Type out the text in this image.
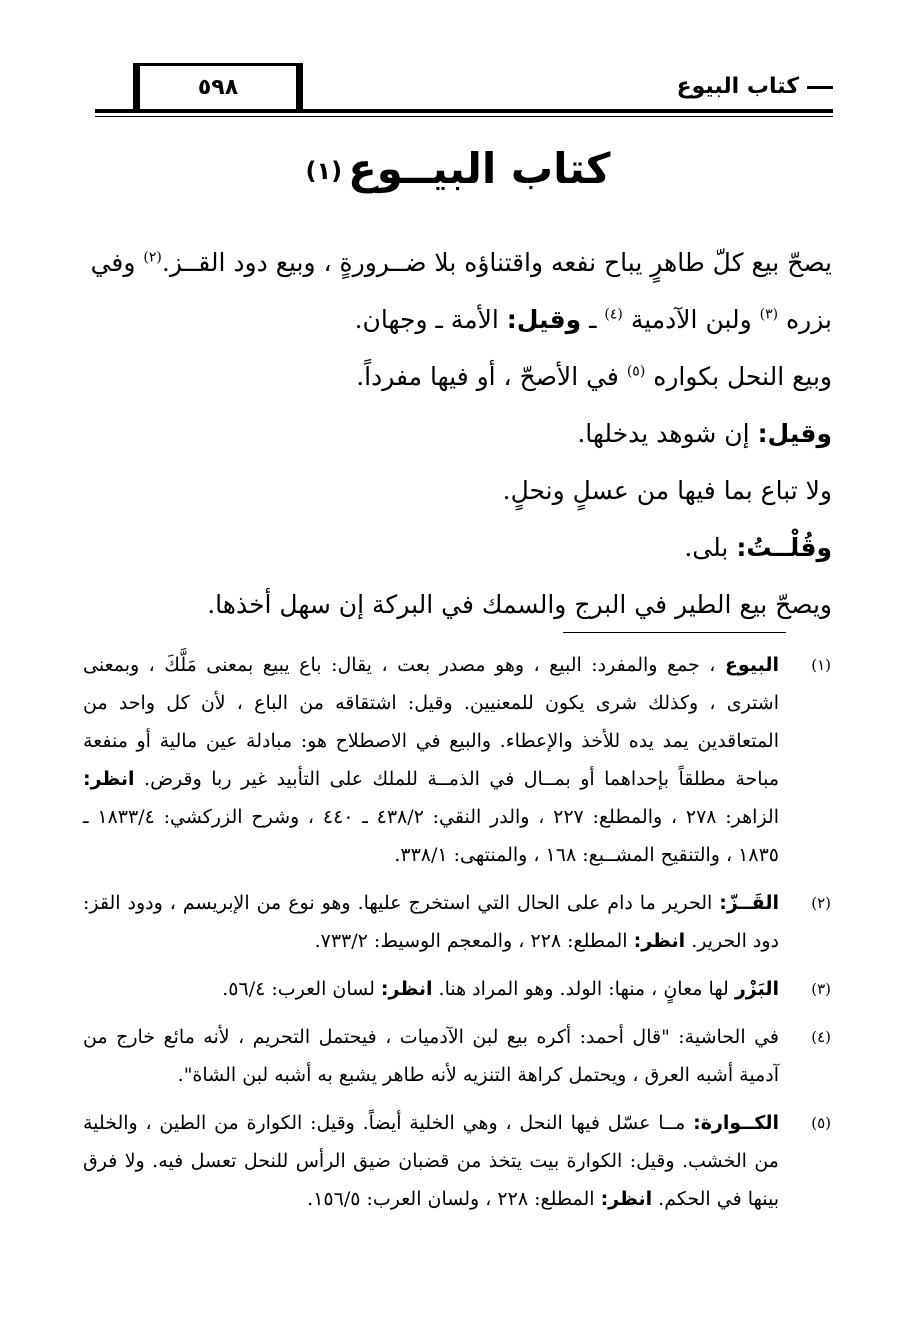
٥٩٨	كتاب البيوع
كتاب البيــوع$^{(١)}$

يصحّ بيع كلّ طاهرٍ يباح نفعه واقتناؤه بلا ضــرورةٍ ، وبيع دود القــز.$^{(٢)}$ وفي

بزره $^{(٣)}$ ولبن الآدمية $^{(٤)}$ ـ وقيل: الأمة ـ وجهان.

وبيع النحل بكواره $^{(٥)}$ في الأصحّ ، أو فيها مفرداً.

وقيل: إن شوهد يدخلها.

ولا تباع بما فيها من عسلٍ ونحلٍ.

وقُلْــتُ: بلى.

ويصحّ بيع الطير في البرج والسمك في البركة إن سهل أخذها.

(١)
البيوع ، جمع والمفرد: البيع ، وهو مصدر بعت ، يقال: باع يبيع بمعنى مَلَّكَ ، وبمعنى اشترى ، وكذلك شرى يكون للمعنيين. وقيل: اشتقاقه من الباع ، لأن كل واحد من المتعاقدين يمد يده للأخذ والإعطاء. والبيع في الاصطلاح هو: مبادلة عين مالية أو منفعة مباحة مطلقاً بإحداهما أو بمــال في الذمــة للملك على التأبيد غير ربا وقرض. انظر: الزاهر: ٢٧٨ ، والمطلع: ٢٢٧ ، والدر النقي: ٤٣٨/٢ ـ ٤٤٠ ، وشرح الزركشي: ١٨٣٣/٤ ـ ١٨٣٥ ، والتنقيح المشــبع: ١٦٨ ، والمنتهى: ٣٣٨/١.
(٢)
القَــزّ: الحرير ما دام على الحال التي استخرج عليها. وهو نوع من الإبريسم ، ودود القز: دود الحرير. انظر: المطلع: ٢٢٨ ، والمعجم الوسيط: ٧٣٣/٢.
(٣)
البَزْر لها معانٍ ، منها: الولد. وهو المراد هنا. انظر: لسان العرب: ٥٦/٤.
(٤)
في الحاشية: "قال أحمد: أكره بيع لبن الآدميات ، فيحتمل التحريم ، لأنه مائع خارج من آدمية أشبه العرق ، ويحتمل كراهة التنزيه لأنه طاهر يشبع به أشبه لبن الشاة".
(٥)
الكــوارة: مــا عسّل فيها النحل ، وهي الخلية أيضاً. وقيل: الكوارة من الطين ، والخلية من الخشب. وقيل: الكوارة بيت يتخذ من قضبان ضيق الرأس للنحل تعسل فيه. ولا فرق بينها في الحكم. انظر: المطلع: ٢٢٨ ، ولسان العرب: ١٥٦/٥.
